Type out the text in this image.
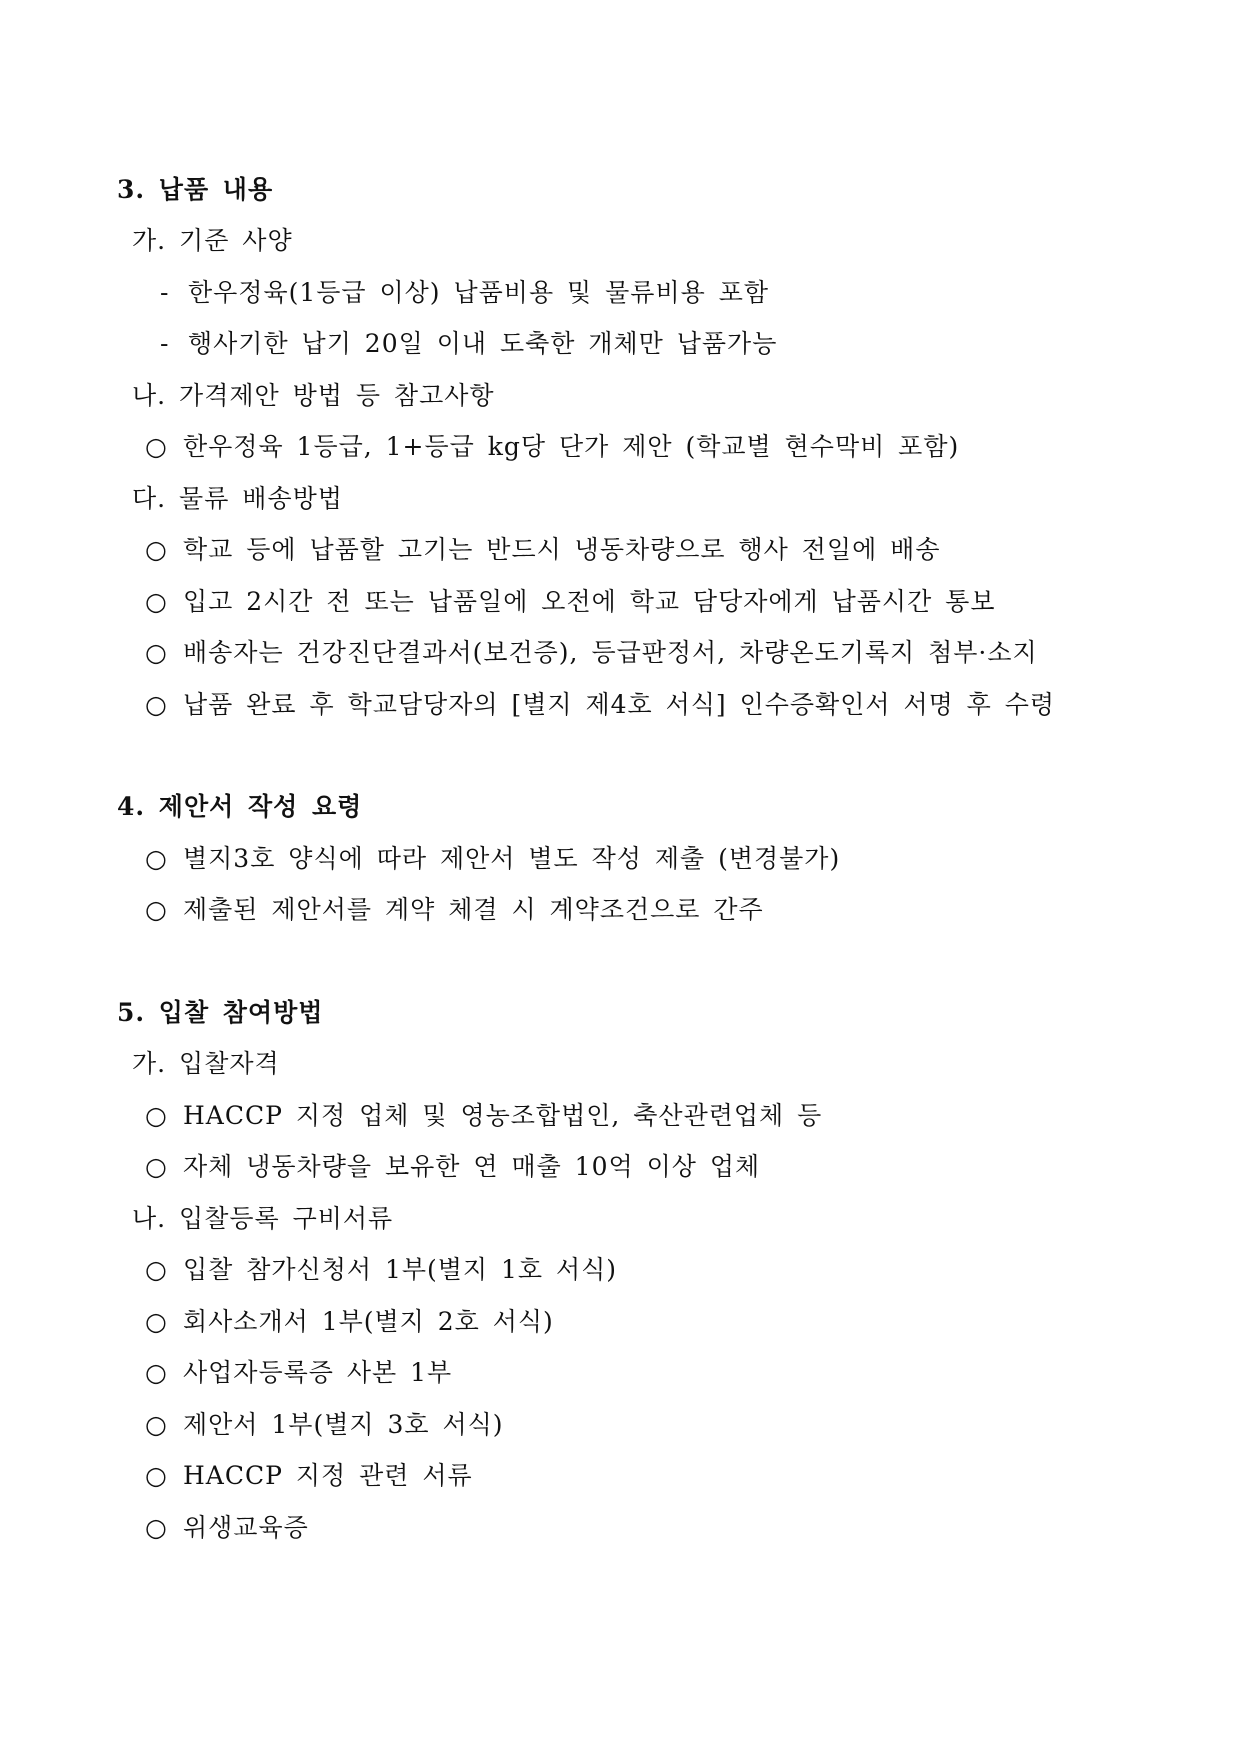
3. 납품 내용
가. 기준 사양
- 한우정육(1등급 이상) 납품비용 및 물류비용 포함
- 행사기한 납기 20일 이내 도축한 개체만 납품가능
나. 가격제안 방법 등 참고사항
○ 한우정육 1등급, 1+등급 kg당 단가 제안 (학교별 현수막비 포함)
다. 물류 배송방법
○ 학교 등에 납품할 고기는 반드시 냉동차량으로 행사 전일에 배송
○ 입고 2시간 전 또는 납품일에 오전에 학교 담당자에게 납품시간 통보
○ 배송자는 건강진단결과서(보건증), 등급판정서, 차량온도기록지 첨부·소지
○ 납품 완료 후 학교담당자의 [별지 제4호 서식] 인수증확인서 서명 후 수령
4. 제안서 작성 요령
○ 별지3호 양식에 따라 제안서 별도 작성 제출 (변경불가)
○ 제출된 제안서를 계약 체결 시 계약조건으로 간주
5. 입찰 참여방법
가. 입찰자격
○ HACCP 지정 업체 및 영농조합법인, 축산관련업체 등
○ 자체 냉동차량을 보유한 연 매출 10억 이상 업체
나. 입찰등록 구비서류
○ 입찰 참가신청서 1부(별지 1호 서식)
○ 회사소개서 1부(별지 2호 서식)
○ 사업자등록증 사본 1부
○ 제안서 1부(별지 3호 서식)
○ HACCP 지정 관련 서류
○ 위생교육증
